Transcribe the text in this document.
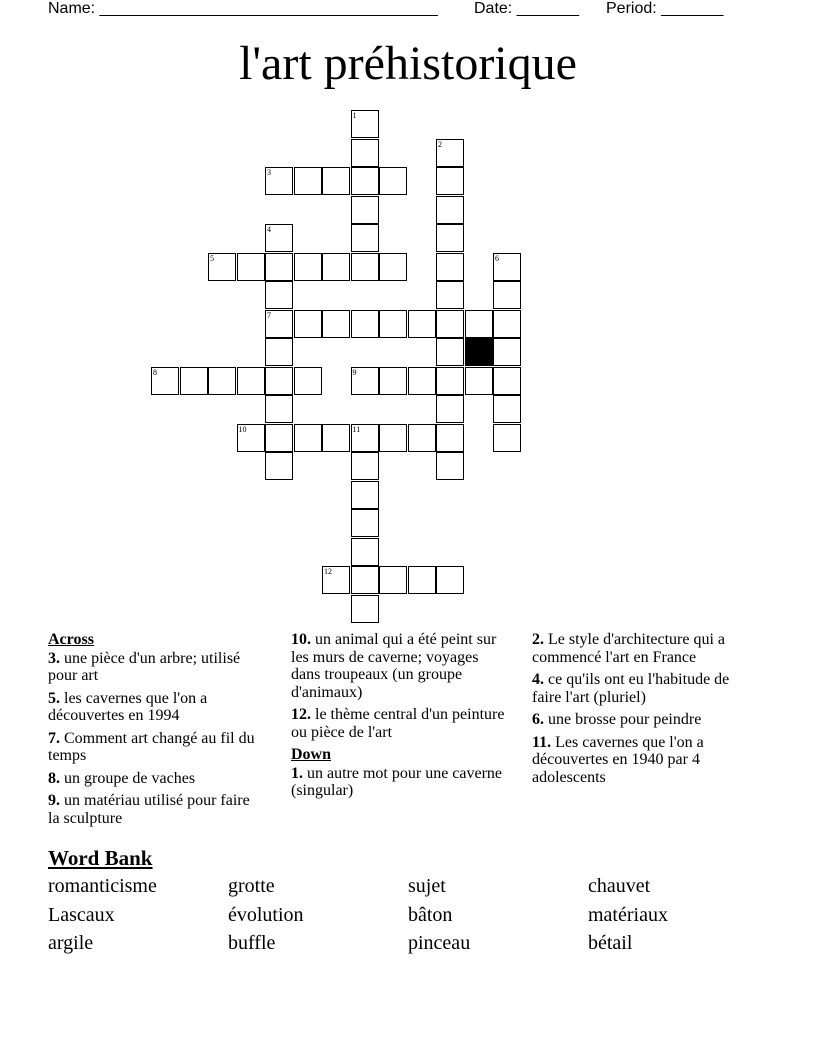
Name: ______________________________________

Date: _______

Period: _______

l'art préhistorique
1
2
3
4
7
5	6
8	9
10	11
12
Across
3. une pièce d'un arbre; utilisé pour art
5. les cavernes que l'on a découvertes en 1994
7. Comment art changé au fil du temps
8. un groupe de vaches
9. un matériau utilisé pour faire la sculpture
10. un animal qui a été peint sur les murs de caverne; voyages dans troupeaux (un groupe d'animaux)
12. le thème central d'un peinture ou pièce de l'art
Down
1. un autre mot pour une caverne (singular)
2. Le style d'architecture qui a commencé l'art en France
4. ce qu'ils ont eu l'habitude de faire l'art (pluriel)
6. une brosse pour peindre
11. Les cavernes que l'on a découvertes en 1940 par 4 adolescents
Word Bank
romanticisme	grotte	sujet	chauvet
Lascaux	évolution	bâton	matériaux
argile	buffle	pinceau	bétail
